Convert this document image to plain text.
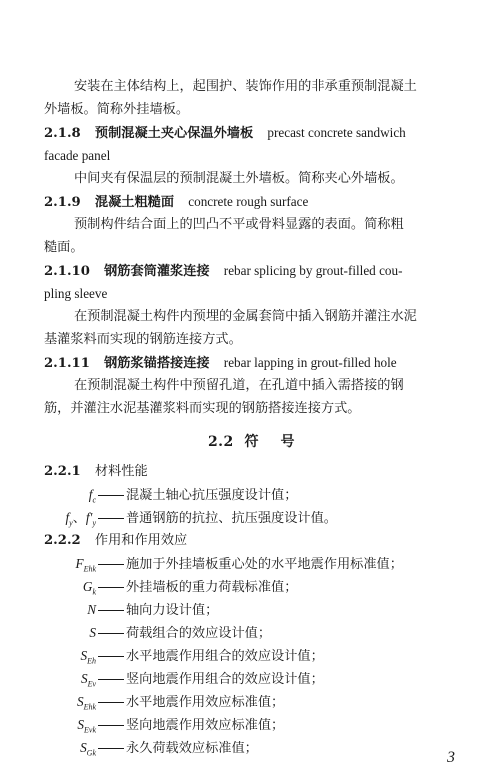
安装在主体结构上，起围护、装饰作用的非承重预制混凝土
外墙板。简称外挂墙板。
2.1.8 预制混凝土夹心保温外墙板 precast concrete sandwich
facade panel
中间夹有保温层的预制混凝土外墙板。简称夹心外墙板。
2.1.9 混凝土粗糙面 concrete rough surface
预制构件结合面上的凹凸不平或骨料显露的表面。简称粗
糙面。
2.1.10 钢筋套筒灌浆连接 rebar splicing by grout-filled cou-
pling sleeve
在预制混凝土构件内预埋的金属套筒中插入钢筋并灌注水泥
基灌浆料而实现的钢筋连接方式。
2.1.11 钢筋浆锚搭接连接 rebar lapping in grout-filled hole
在预制混凝土构件中预留孔道，在孔道中插入需搭接的钢
筋，并灌注水泥基灌浆料而实现的钢筋搭接连接方式。
2.2  符    号
2.2.1 材料性能
$f_c$ 混凝土轴心抗压强度设计值；
$f_y$、$f'_y$ 普通钢筋的抗拉、抗压强度设计值。
2.2.2 作用和作用效应
$F_{Ehk}$ 施加于外挂墙板重心处的水平地震作用标准值；
$G_k$ 外挂墙板的重力荷载标准值；
N 轴向力设计值；
S 荷载组合的效应设计值；
$S_{Eh}$ 水平地震作用组合的效应设计值；
$S_{Ev}$ 竖向地震作用组合的效应设计值；
$S_{Ehk}$ 水平地震作用效应标准值；
$S_{Evk}$ 竖向地震作用效应标准值；
$S_{Gk}$ 永久荷载效应标准值；
3
